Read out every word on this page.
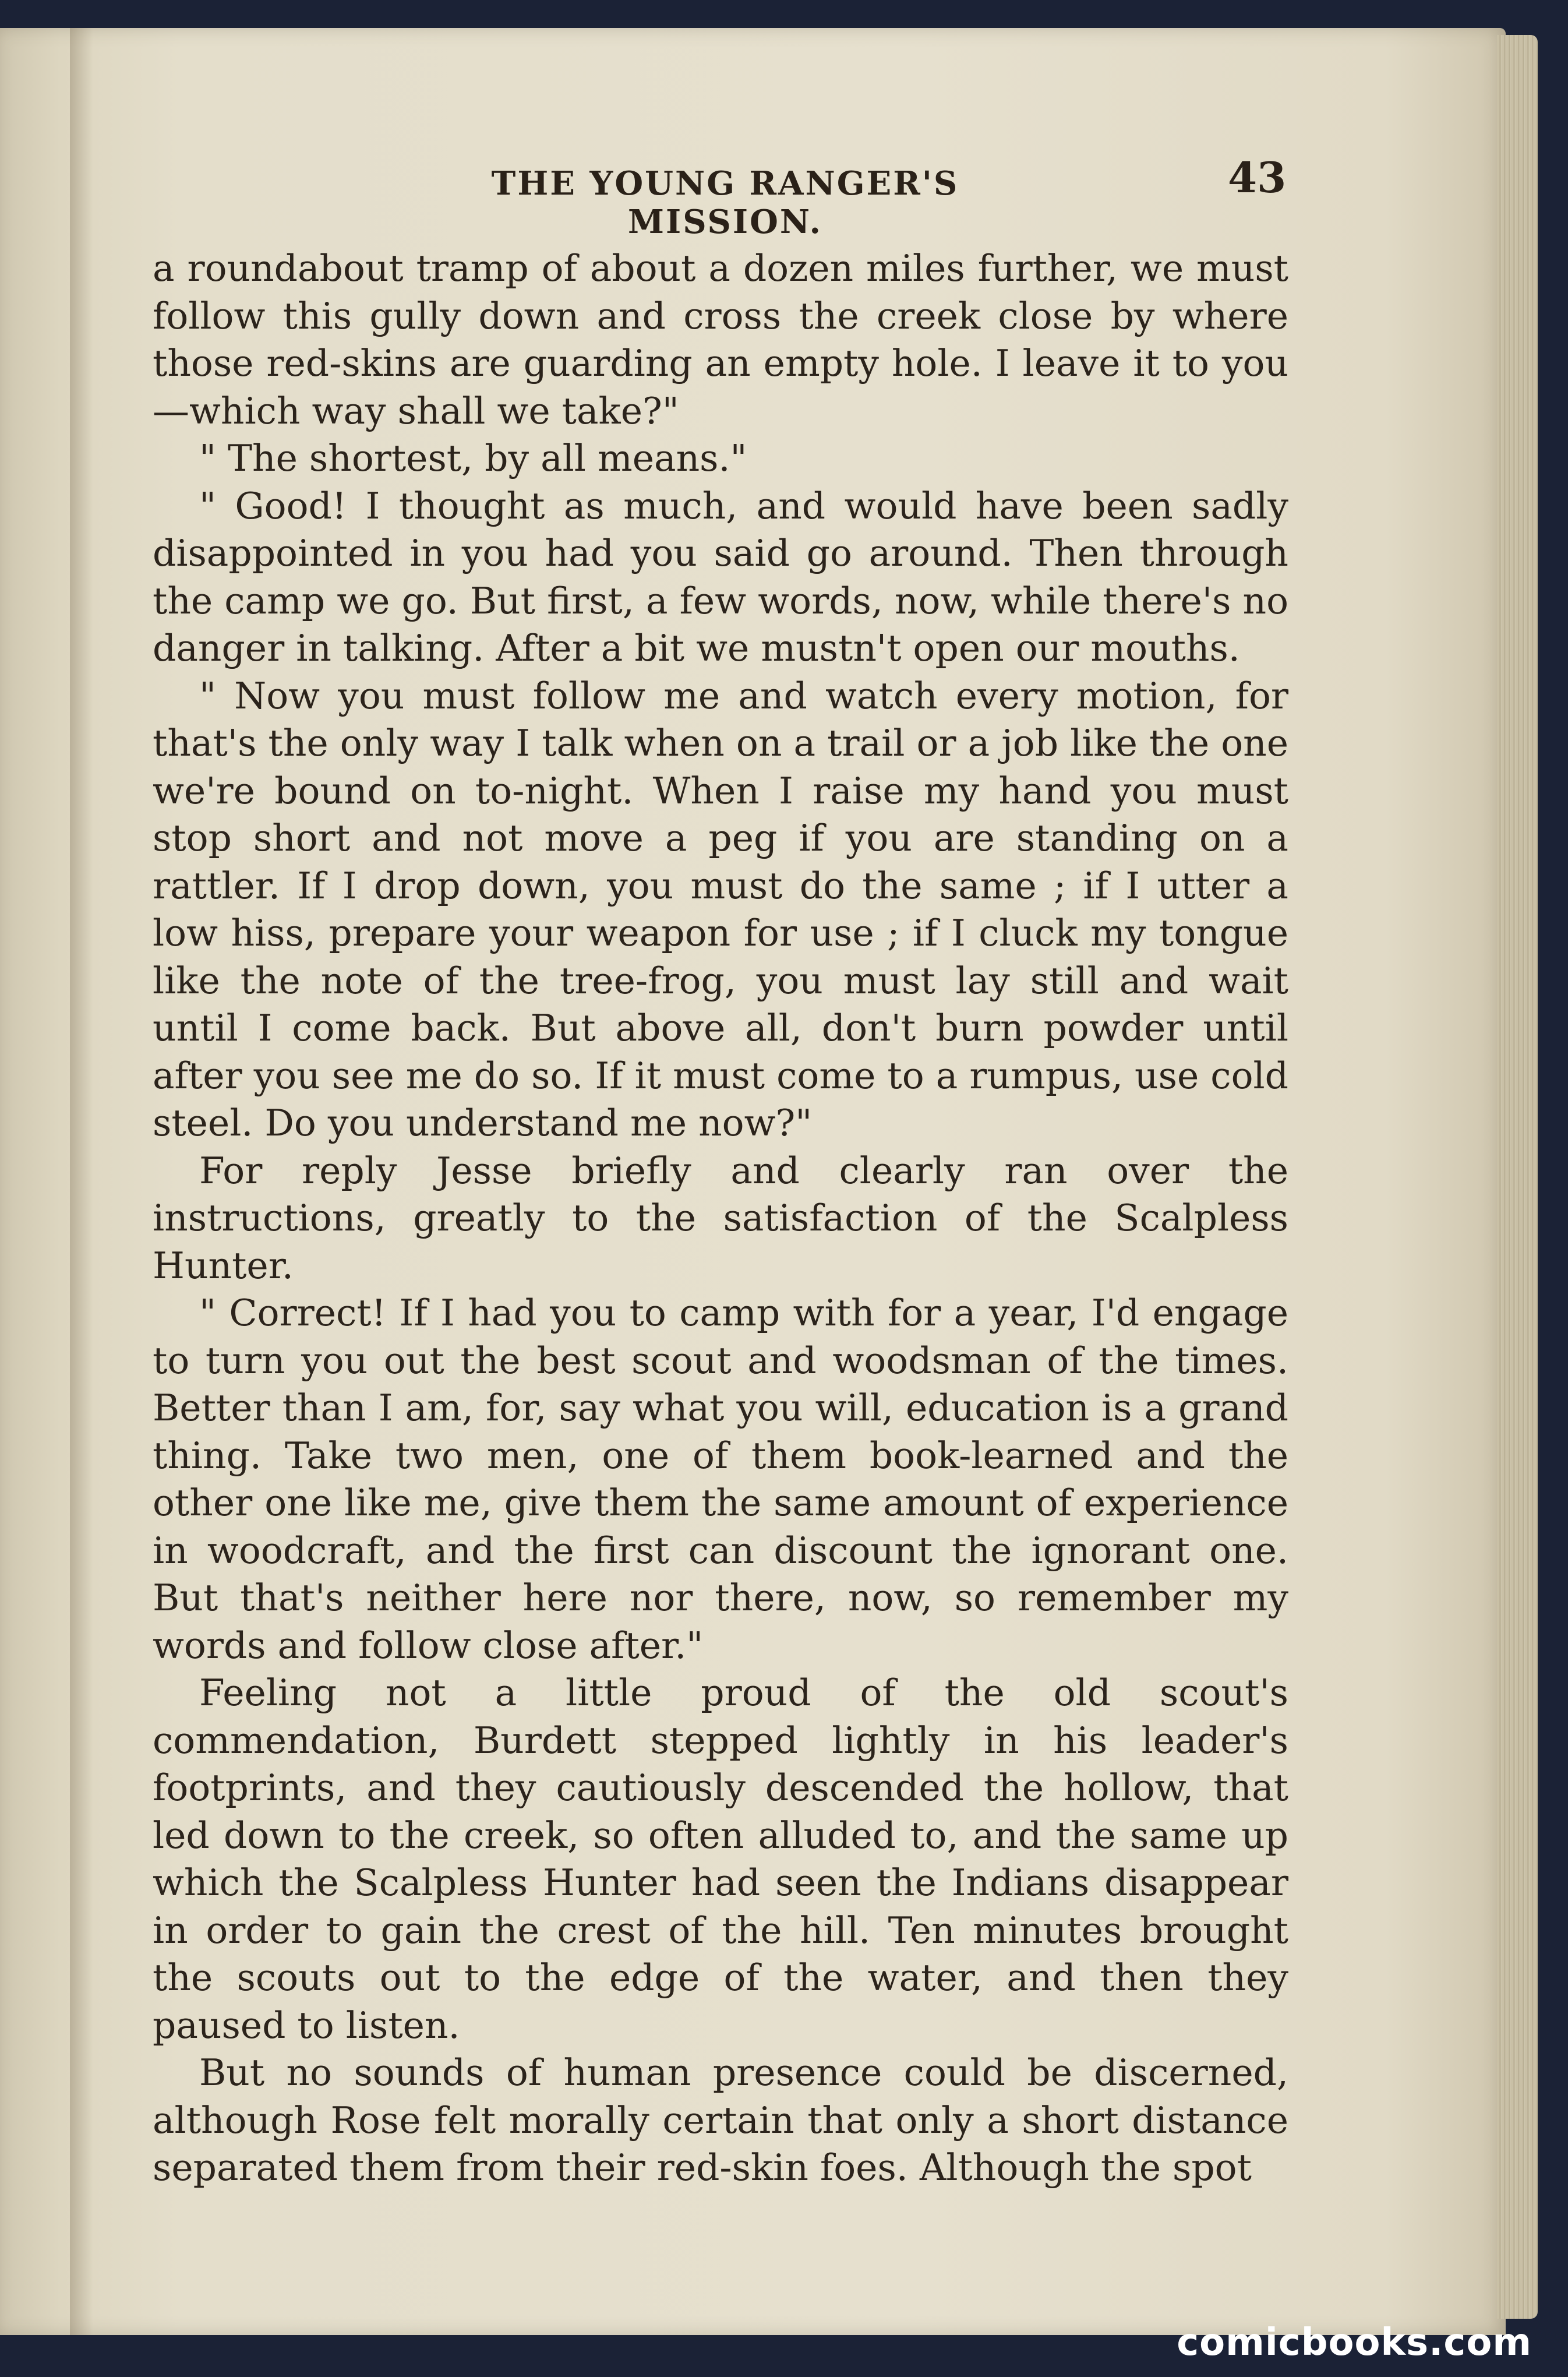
THE YOUNG RANGER'S MISSION.
43

a roundabout tramp of about a dozen miles further, we must follow this gully down and cross the creek close by where those red-skins are guarding an empty hole. I leave it to you—which way shall we take?"

" The shortest, by all means."

" Good! I thought as much, and would have been sadly disappointed in you had you said go around. Then through the camp we go. But first, a few words, now, while there's no danger in talking. After a bit we mustn't open our mouths.

" Now you must follow me and watch every motion, for that's the only way I talk when on a trail or a job like the one we're bound on to-night. When I raise my hand you must stop short and not move a peg if you are standing on a rattler. If I drop down, you must do the same ; if I utter a low hiss, prepare your weapon for use ; if I cluck my tongue like the note of the tree-frog, you must lay still and wait until I come back. But above all, don't burn powder until after you see me do so. If it must come to a rumpus, use cold steel. Do you understand me now?"

For reply Jesse briefly and clearly ran over the instructions, greatly to the satisfaction of the Scalpless Hunter.

" Correct! If I had you to camp with for a year, I'd engage to turn you out the best scout and woodsman of the times. Better than I am, for, say what you will, education is a grand thing. Take two men, one of them book-learned and the other one like me, give them the same amount of experience in woodcraft, and the first can discount the ignorant one. But that's neither here nor there, now, so remember my words and follow close after."

Feeling not a little proud of the old scout's commendation, Burdett stepped lightly in his leader's footprints, and they cautiously descended the hollow, that led down to the creek, so often alluded to, and the same up which the Scalpless Hunter had seen the Indians disappear in order to gain the crest of the hill. Ten minutes brought the scouts out to the edge of the water, and then they paused to listen.

But no sounds of human presence could be discerned, although Rose felt morally certain that only a short distance separated them from their red-skin foes. Although the spot

comicbooks.com
